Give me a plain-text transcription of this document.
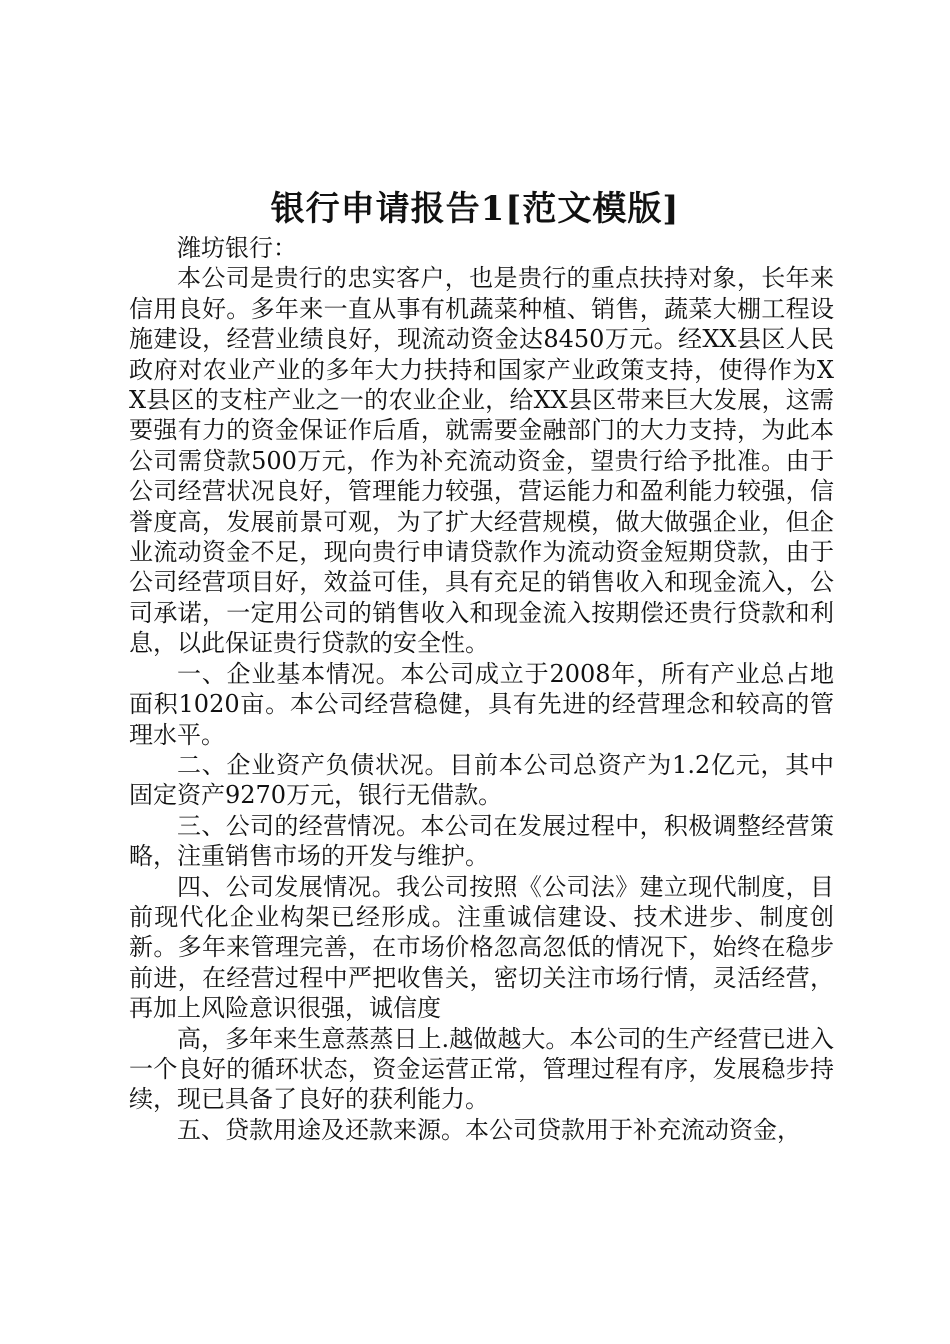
银行申请报告1[范文模版]

潍坊银行：

本公司是贵行的忠实客户，也是贵行的重点扶持对象，长年来信用良好。多年来一直从事有机蔬菜种植、销售，蔬菜大棚工程设施建设，经营业绩良好，现流动资金达8450万元。经XX县区人民政府对农业产业的多年大力扶持和国家产业政策支持，使得作为XX县区的支柱产业之一的农业企业，给XX县区带来巨大发展，这需要强有力的资金保证作后盾，就需要金融部门的大力支持，为此本公司需贷款500万元，作为补充流动资金，望贵行给予批准。由于公司经营状况良好，管理能力较强，营运能力和盈利能力较强，信誉度高，发展前景可观，为了扩大经营规模，做大做强企业，但企业流动资金不足，现向贵行申请贷款作为流动资金短期贷款，由于公司经营项目好，效益可佳，具有充足的销售收入和现金流入，公司承诺，一定用公司的销售收入和现金流入按期偿还贵行贷款和利息，以此保证贵行贷款的安全性。

一、企业基本情况。本公司成立于2008年，所有产业总占地面积1020亩。本公司经营稳健，具有先进的经营理念和较高的管理水平。

二、企业资产负债状况。目前本公司总资产为1.2亿元，其中固定资产9270万元，银行无借款。

三、公司的经营情况。本公司在发展过程中，积极调整经营策略，注重销售市场的开发与维护。

四、公司发展情况。我公司按照《公司法》建立现代制度，目前现代化企业构架已经形成。注重诚信建设、技术进步、制度创新。多年来管理完善，在市场价格忽高忽低的情况下，始终在稳步前进，在经营过程中严把收售关，密切关注市场行情，灵活经营，再加上风险意识很强，诚信度

高，多年来生意蒸蒸日上.越做越大。本公司的生产经营已进入一个良好的循环状态，资金运营正常，管理过程有序，发展稳步持续，现已具备了良好的获利能力。

五、贷款用途及还款来源。本公司贷款用于补充流动资金，
